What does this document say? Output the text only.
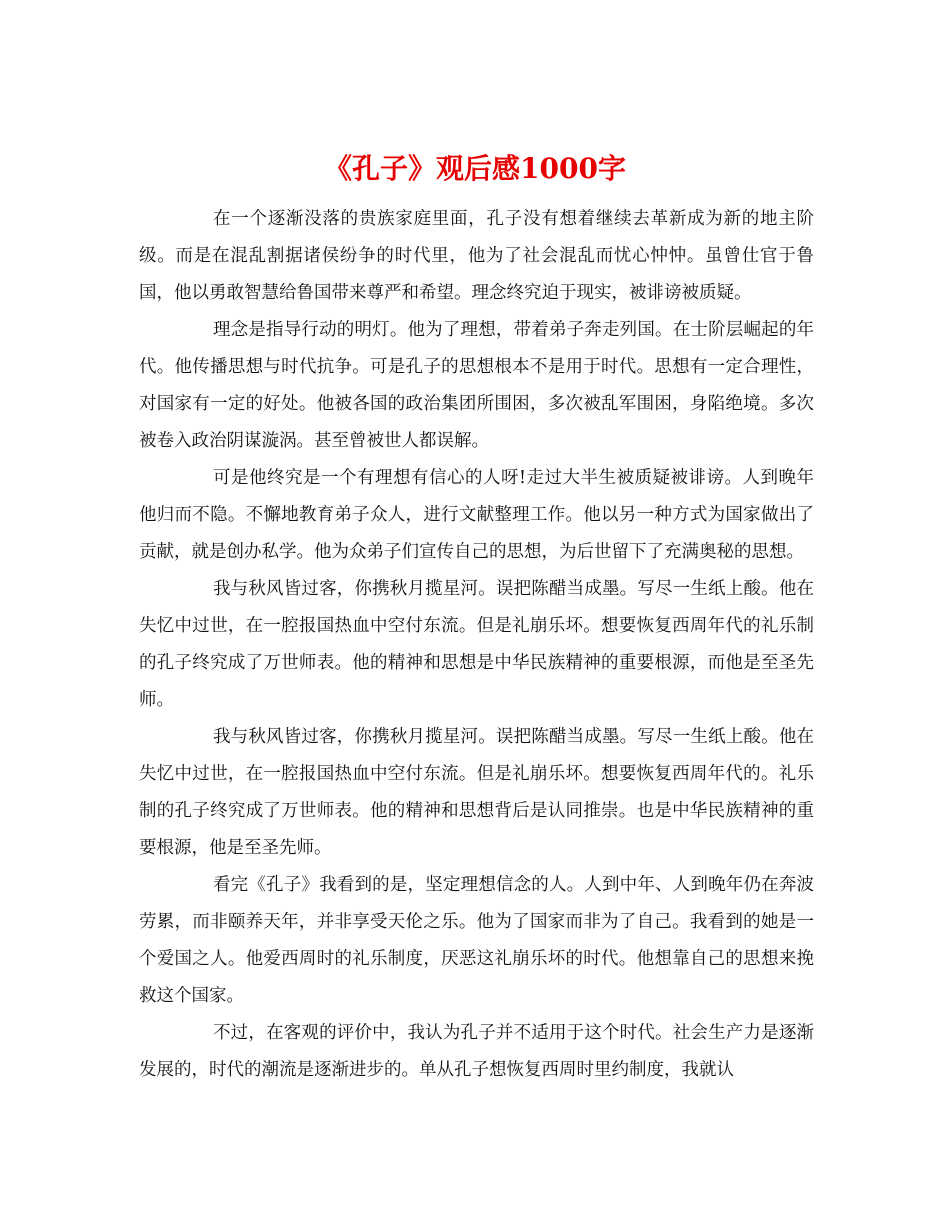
《孔子》观后感1000字

在一个逐渐没落的贵族家庭里面，孔子没有想着继续去革新成为新的地主阶级。而是在混乱割据诸侯纷争的时代里，他为了社会混乱而忧心忡忡。虽曾仕官于鲁国，他以勇敢智慧给鲁国带来尊严和希望。理念终究迫于现实，被诽谤被质疑。

理念是指导行动的明灯。他为了理想，带着弟子奔走列国。在士阶层崛起的年代。他传播思想与时代抗争。可是孔子的思想根本不是用于时代。思想有一定合理性，对国家有一定的好处。他被各国的政治集团所围困，多次被乱军围困，身陷绝境。多次被卷入政治阴谋漩涡。甚至曾被世人都误解。

可是他终究是一个有理想有信心的人呀!走过大半生被质疑被诽谤。人到晚年他归而不隐。不懈地教育弟子众人，进行文献整理工作。他以另一种方式为国家做出了贡献，就是创办私学。他为众弟子们宣传自己的思想，为后世留下了充满奥秘的思想。

我与秋风皆过客，你携秋月揽星河。误把陈醋当成墨。写尽一生纸上酸。他在失忆中过世，在一腔报国热血中空付东流。但是礼崩乐坏。想要恢复西周年代的礼乐制的孔子终究成了万世师表。他的精神和思想是中华民族精神的重要根源，而他是至圣先师。

我与秋风皆过客，你携秋月揽星河。误把陈醋当成墨。写尽一生纸上酸。他在失忆中过世，在一腔报国热血中空付东流。但是礼崩乐坏。想要恢复西周年代的。礼乐制的孔子终究成了万世师表。他的精神和思想背后是认同推崇。也是中华民族精神的重要根源，他是至圣先师。

看完《孔子》我看到的是，坚定理想信念的人。人到中年、人到晚年仍在奔波劳累，而非颐养天年，并非享受天伦之乐。他为了国家而非为了自己。我看到的她是一个爱国之人。他爱西周时的礼乐制度，厌恶这礼崩乐坏的时代。他想靠自己的思想来挽救这个国家。

不过，在客观的评价中，我认为孔子并不适用于这个时代。社会生产力是逐渐发展的，时代的潮流是逐渐进步的。单从孔子想恢复西周时里约制度，我就认
